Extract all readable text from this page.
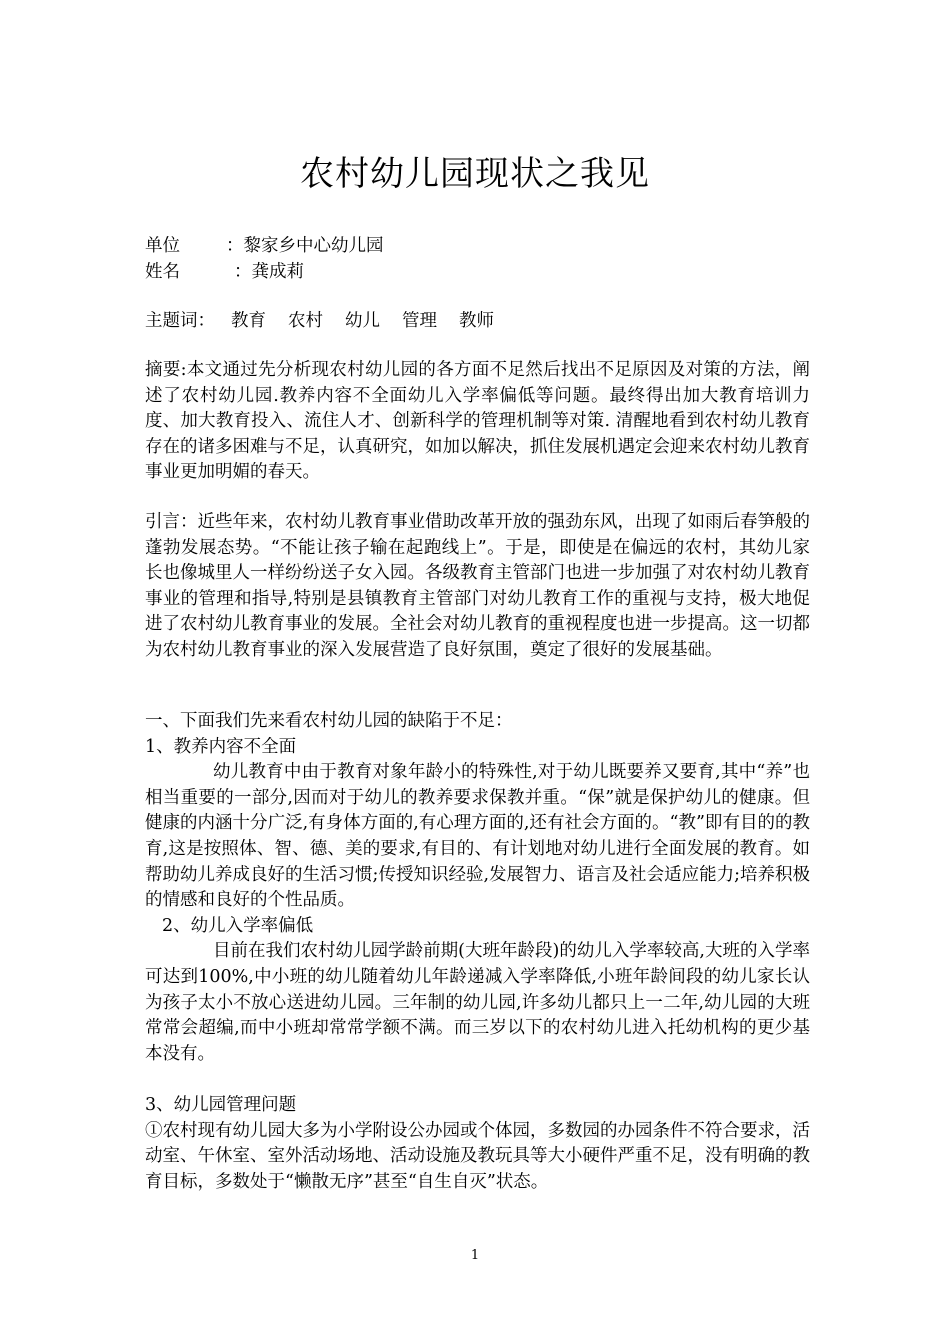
农村幼儿园现状之我见
单位	：黎家乡中心幼儿园
姓名	：龚成莉
主题词： 教育 农村 幼儿 管理 教师

摘要:本文通过先分析现农村幼儿园的各方面不足然后找出不足原因及对策的方法，阐述了农村幼儿园.教养内容不全面幼儿入学率偏低等问题。最终得出加大教育培训力度、加大教育投入、流住人才、创新科学的管理机制等对策. 清醒地看到农村幼儿教育存在的诸多困难与不足，认真研究，如加以解决，抓住发展机遇定会迎来农村幼儿教育事业更加明媚的春天。

引言：近些年来，农村幼儿教育事业借助改革开放的强劲东风，出现了如雨后春笋般的蓬勃发展态势。“不能让孩子输在起跑线上”。于是，即使是在偏远的农村，其幼儿家长也像城里人一样纷纷送子女入园。各级教育主管部门也进一步加强了对农村幼儿教育事业的管理和指导,特别是县镇教育主管部门对幼儿教育工作的重视与支持，极大地促进了农村幼儿教育事业的发展。全社会对幼儿教育的重视程度也进一步提高。这一切都为农村幼儿教育事业的深入发展营造了良好氛围，奠定了很好的发展基础。

一、下面我们先来看农村幼儿园的缺陷于不足：

1、教养内容不全面

幼儿教育中由于教育对象年龄小的特殊性,对于幼儿既要养又要育,其中“养”也相当重要的一部分,因而对于幼儿的教养要求保教并重。“保”就是保护幼儿的健康。但健康的内涵十分广泛,有身体方面的,有心理方面的,还有社会方面的。“教”即有目的的教育,这是按照体、智、德、美的要求,有目的、有计划地对幼儿进行全面发展的教育。如帮助幼儿养成良好的生活习惯;传授知识经验,发展智力、语言及社会适应能力;培养积极的情感和良好的个性品质。

2、幼儿入学率偏低

目前在我们农村幼儿园学龄前期(大班年龄段)的幼儿入学率较高,大班的入学率可达到100%,中小班的幼儿随着幼儿年龄递减入学率降低,小班年龄间段的幼儿家长认为孩子太小不放心送进幼儿园。三年制的幼儿园,许多幼儿都只上一二年,幼儿园的大班常常会超编,而中小班却常常学额不满。而三岁以下的农村幼儿进入托幼机构的更少基本没有。

3、幼儿园管理问题

①农村现有幼儿园大多为小学附设公办园或个体园，多数园的办园条件不符合要求，活动室、午休室、室外活动场地、活动设施及教玩具等大小硬件严重不足，没有明确的教育目标，多数处于“懒散无序”甚至“自生自灭”状态。

1
